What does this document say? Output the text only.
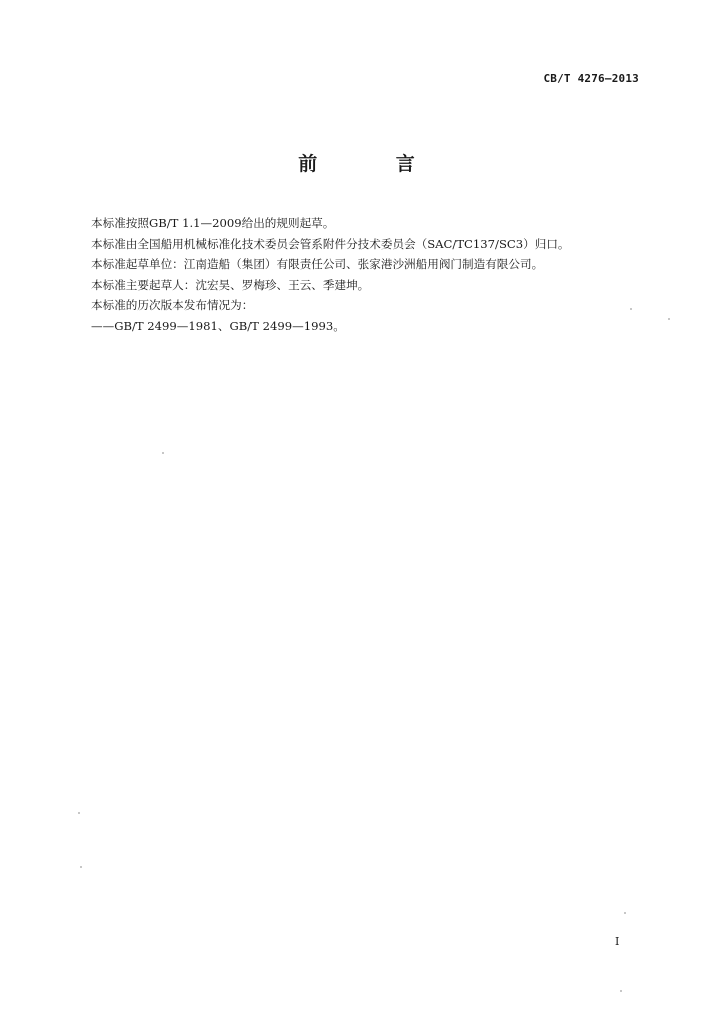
CB/T 4276—2013
前 言
本标准按照GB/T 1.1—2009给出的规则起草。
本标准由全国船用机械标准化技术委员会管系附件分技术委员会（SAC/TC137/SC3）归口。
本标准起草单位：江南造船（集团）有限责任公司、张家港沙洲船用阀门制造有限公司。
本标准主要起草人：沈宏昊、罗梅珍、王云、季建坤。
本标准的历次版本发布情况为：
——GB/T 2499—1981、GB/T 2499—1993。
I
